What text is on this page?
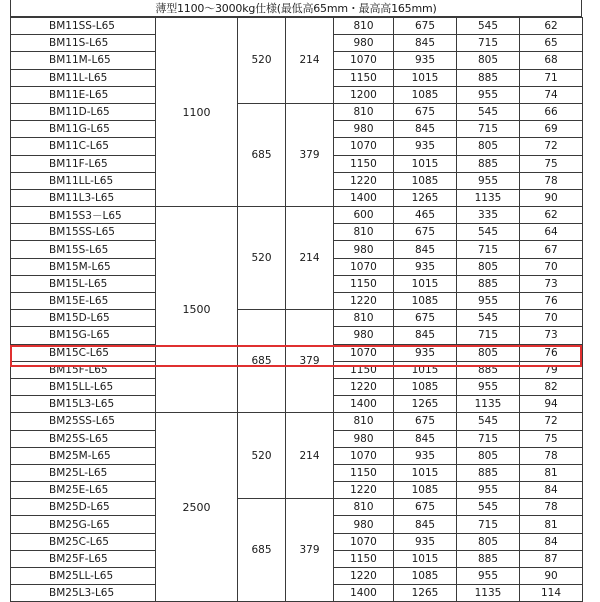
薄型1100〜3000kg仕様(最低高65mm・最高高165mm)
BM11SS-L65	1100	520	214	810	675	545	62
BM11S-L65				980	845	715	65
BM11M-L65				1070	935	805	68
BM11L-L65				1150	1015	885	71
BM11E-L65				1200	1085	955	74
BM11D-L65		685	379	810	675	545	66
BM11G-L65				980	845	715	69
BM11C-L65				1070	935	805	72
BM11F-L65				1150	1015	885	75
BM11LL-L65				1220	1085	955	78
BM11L3-L65				1400	1265	1135	90
BM15S3－L65	1500	520	214	600	465	335	62
BM15SS-L65				810	675	545	64
BM15S-L65				980	845	715	67
BM15M-L65				1070	935	805	70
BM15L-L65				1150	1015	885	73
BM15E-L65				1220	1085	955	76
BM15D-L65		685	379	810	675	545	70
BM15G-L65				980	845	715	73
BM15C-L65				1070	935	805	76
BM15F-L65				1150	1015	885	79
BM15LL-L65				1220	1085	955	82
BM15L3-L65				1400	1265	1135	94
BM25SS-L65	2500	520	214	810	675	545	72
BM25S-L65				980	845	715	75
BM25M-L65				1070	935	805	78
BM25L-L65				1150	1015	885	81
BM25E-L65				1220	1085	955	84
BM25D-L65		685	379	810	675	545	78
BM25G-L65				980	845	715	81
BM25C-L65				1070	935	805	84
BM25F-L65				1150	1015	885	87
BM25LL-L65				1220	1085	955	90
BM25L3-L65				1400	1265	1135	114
